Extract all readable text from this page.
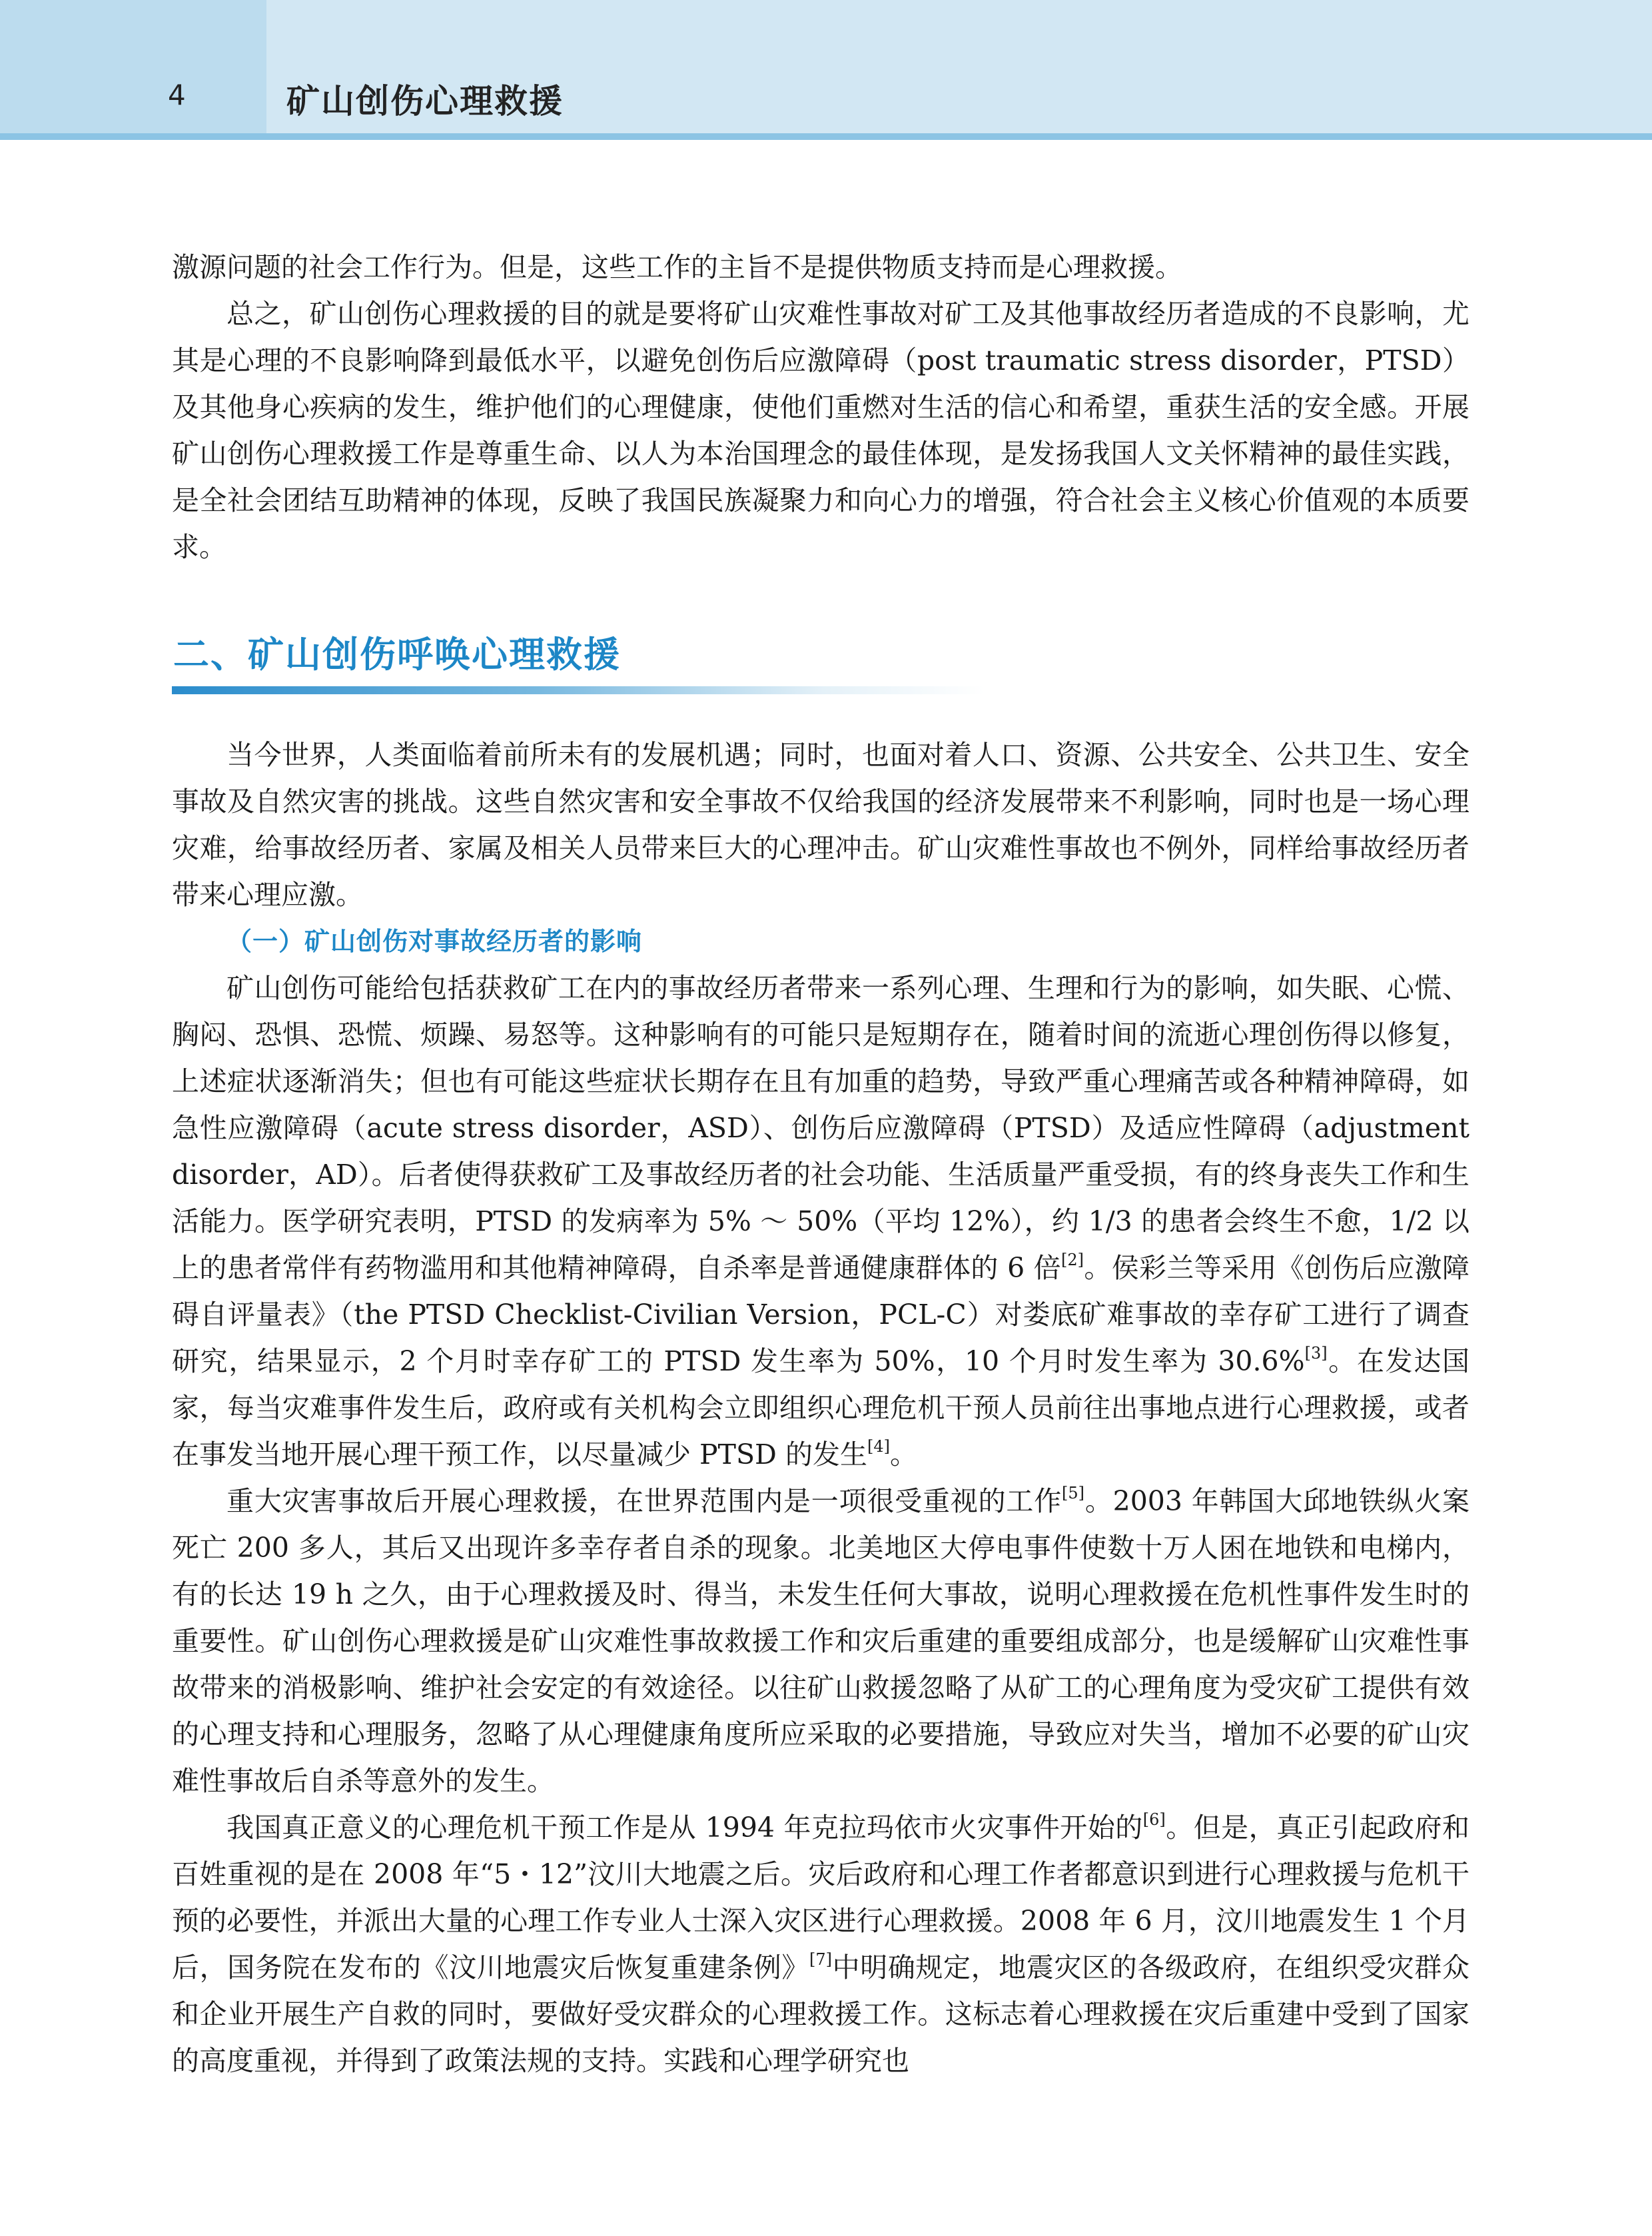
4	矿山创伤心理救援

激源问题的社会工作行为。但是，这些工作的主旨不是提供物质支持而是心理救援。

总之，矿山创伤心理救援的目的就是要将矿山灾难性事故对矿工及其他事故经历者造成的不良影响，尤其是心理的不良影响降到最低水平，以避免创伤后应激障碍（post traumatic stress disorder，PTSD）及其他身心疾病的发生，维护他们的心理健康，使他们重燃对生活的信心和希望，重获生活的安全感。开展矿山创伤心理救援工作是尊重生命、以人为本治国理念的最佳体现，是发扬我国人文关怀精神的最佳实践，是全社会团结互助精神的体现，反映了我国民族凝聚力和向心力的增强，符合社会主义核心价值观的本质要求。

二、矿山创伤呼唤心理救援

当今世界，人类面临着前所未有的发展机遇；同时，也面对着人口、资源、公共安全、公共卫生、安全事故及自然灾害的挑战。这些自然灾害和安全事故不仅给我国的经济发展带来不利影响，同时也是一场心理灾难，给事故经历者、家属及相关人员带来巨大的心理冲击。矿山灾难性事故也不例外，同样给事故经历者带来心理应激。

（一）矿山创伤对事故经历者的影响

矿山创伤可能给包括获救矿工在内的事故经历者带来一系列心理、生理和行为的影响，如失眠、心慌、胸闷、恐惧、恐慌、烦躁、易怒等。这种影响有的可能只是短期存在，随着时间的流逝心理创伤得以修复，上述症状逐渐消失；但也有可能这些症状长期存在且有加重的趋势，导致严重心理痛苦或各种精神障碍，如急性应激障碍（acute stress disorder，ASD）、创伤后应激障碍（PTSD）及适应性障碍（adjustment disorder，AD）。后者使得获救矿工及事故经历者的社会功能、生活质量严重受损，有的终身丧失工作和生活能力。医学研究表明，PTSD 的发病率为 5% ～ 50%（平均 12%），约 1/3 的患者会终生不愈，1/2 以上的患者常伴有药物滥用和其他精神障碍，自杀率是普通健康群体的 6 倍[2]。侯彩兰等采用《创伤后应激障碍自评量表》（the PTSD Checklist-Civilian Version，PCL-C）对娄底矿难事故的幸存矿工进行了调查研究，结果显示，2 个月时幸存矿工的 PTSD 发生率为 50%，10 个月时发生率为 30.6%[3]。在发达国家，每当灾难事件发生后，政府或有关机构会立即组织心理危机干预人员前往出事地点进行心理救援，或者在事发当地开展心理干预工作，以尽量减少 PTSD 的发生[4]。

重大灾害事故后开展心理救援，在世界范围内是一项很受重视的工作[5]。2003 年韩国大邱地铁纵火案死亡 200 多人，其后又出现许多幸存者自杀的现象。北美地区大停电事件使数十万人困在地铁和电梯内，有的长达 19 h 之久，由于心理救援及时、得当，未发生任何大事故，说明心理救援在危机性事件发生时的重要性。矿山创伤心理救援是矿山灾难性事故救援工作和灾后重建的重要组成部分，也是缓解矿山灾难性事故带来的消极影响、维护社会安定的有效途径。以往矿山救援忽略了从矿工的心理角度为受灾矿工提供有效的心理支持和心理服务，忽略了从心理健康角度所应采取的必要措施，导致应对失当，增加不必要的矿山灾难性事故后自杀等意外的发生。

我国真正意义的心理危机干预工作是从 1994 年克拉玛依市火灾事件开始的[6]。但是，真正引起政府和百姓重视的是在 2008 年“5・12”汶川大地震之后。灾后政府和心理工作者都意识到进行心理救援与危机干预的必要性，并派出大量的心理工作专业人士深入灾区进行心理救援。2008 年 6 月，汶川地震发生 1 个月后，国务院在发布的《汶川地震灾后恢复重建条例》[7]中明确规定，地震灾区的各级政府，在组织受灾群众和企业开展生产自救的同时，要做好受灾群众的心理救援工作。这标志着心理救援在灾后重建中受到了国家的高度重视，并得到了政策法规的支持。实践和心理学研究也
